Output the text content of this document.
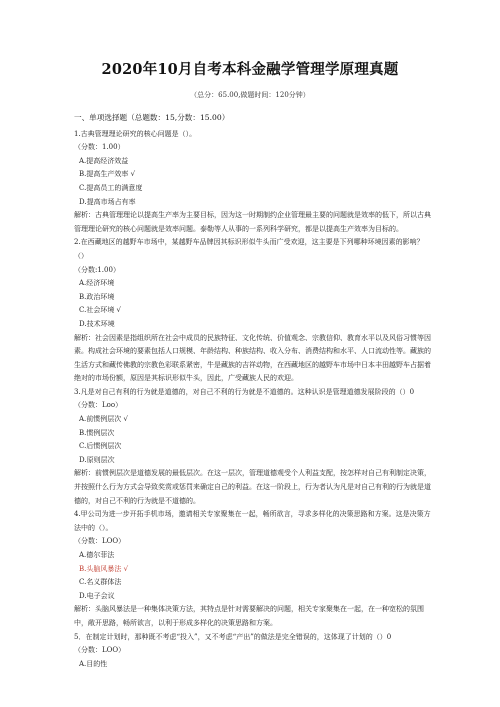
2020年10月自考本科金融学管理学原理真题
（总分：65.00,做题时间：120分钟）
一、单项选择题（总题数：15,分数：15.00）
1.古典管理理论研究的核心问题是（）。
（分数：1.00）
A.提高经济效益
B.提高生产效率 √
C.提高员工的满意度
D.提高市场占有率
解析：古典管理理论以提高生产率为主要目标，因为这一时期制约企业管理最主要的问题就是效率的低下，所以古典管理理论研究的核心问题就是效率问题。泰勒等人从事的一系列科学研究，都是以提高生产效率为目标的。
2.在西藏地区的越野车市场中，某越野车品牌因其标识形似牛头而广受欢迎，这主要是下列哪种环境因素的影响？（）
（分数:1.00）
A.经济环境
B.政治环境
C.社会环境 √
D.技术环境
解析：社会因素是指组织所在社会中成员的民族特征、文化传统、价值观念、宗教信仰、教育水平以及风俗习惯等因素。构成社会环境的要素包括人口规模、年龄结构、种族结构、收入分布、消费结构和水平、人口流动性等。藏族的生活方式和藏传佛教的宗教色彩联系紧密，牛是藏族的吉祥动物，在西藏地区的越野车市场中日本丰田越野车占据着绝对的市场份额，原因是其标识形似牛头，因此，广受藏族人民的欢迎。
3.凡是对自己有利的行为就是道德的，对自己不利的行为就是不道德的。这种认识是管理道德发展阶段的（）0
（分数：Loo）
A.前惯例层次 √
B.惯例层次
C.后惯例层次
D.原则层次
解析：前惯例层次是道德发展的最低层次。在这一层次，管理道德观受个人利益支配，按怎样对自己有利制定决策，并按照什么行为方式会导致奖赏或惩罚来确定自己的利益。在这一阶段上，行为者认为凡是对自己有利的行为就是道德的，对自己不利的行为就是不道德的。
4.甲公司为进一步开拓手机市场，邀请相关专家聚集在一起，畅所欲言，寻求多样化的决策思路和方案。这是决策方法中的（）。
（分数：LOO）
A.德尔菲法
B.头脑风暴法 √
C.名义群体法
D.电子会议
解析：头脑风暴法是一种集体决策方法，其特点是针对需要解决的问题，相关专家聚集在一起，在一种宽松的氛围中，敞开思路，畅所欲言，以利于形成多样化的决策思路和方案。
5．在制定计划时，那种既不考虑“投入”，又不考虑“产出”的做法是完全错误的，这体现了计划的（）0
（分数：LOO）
A.目的性
